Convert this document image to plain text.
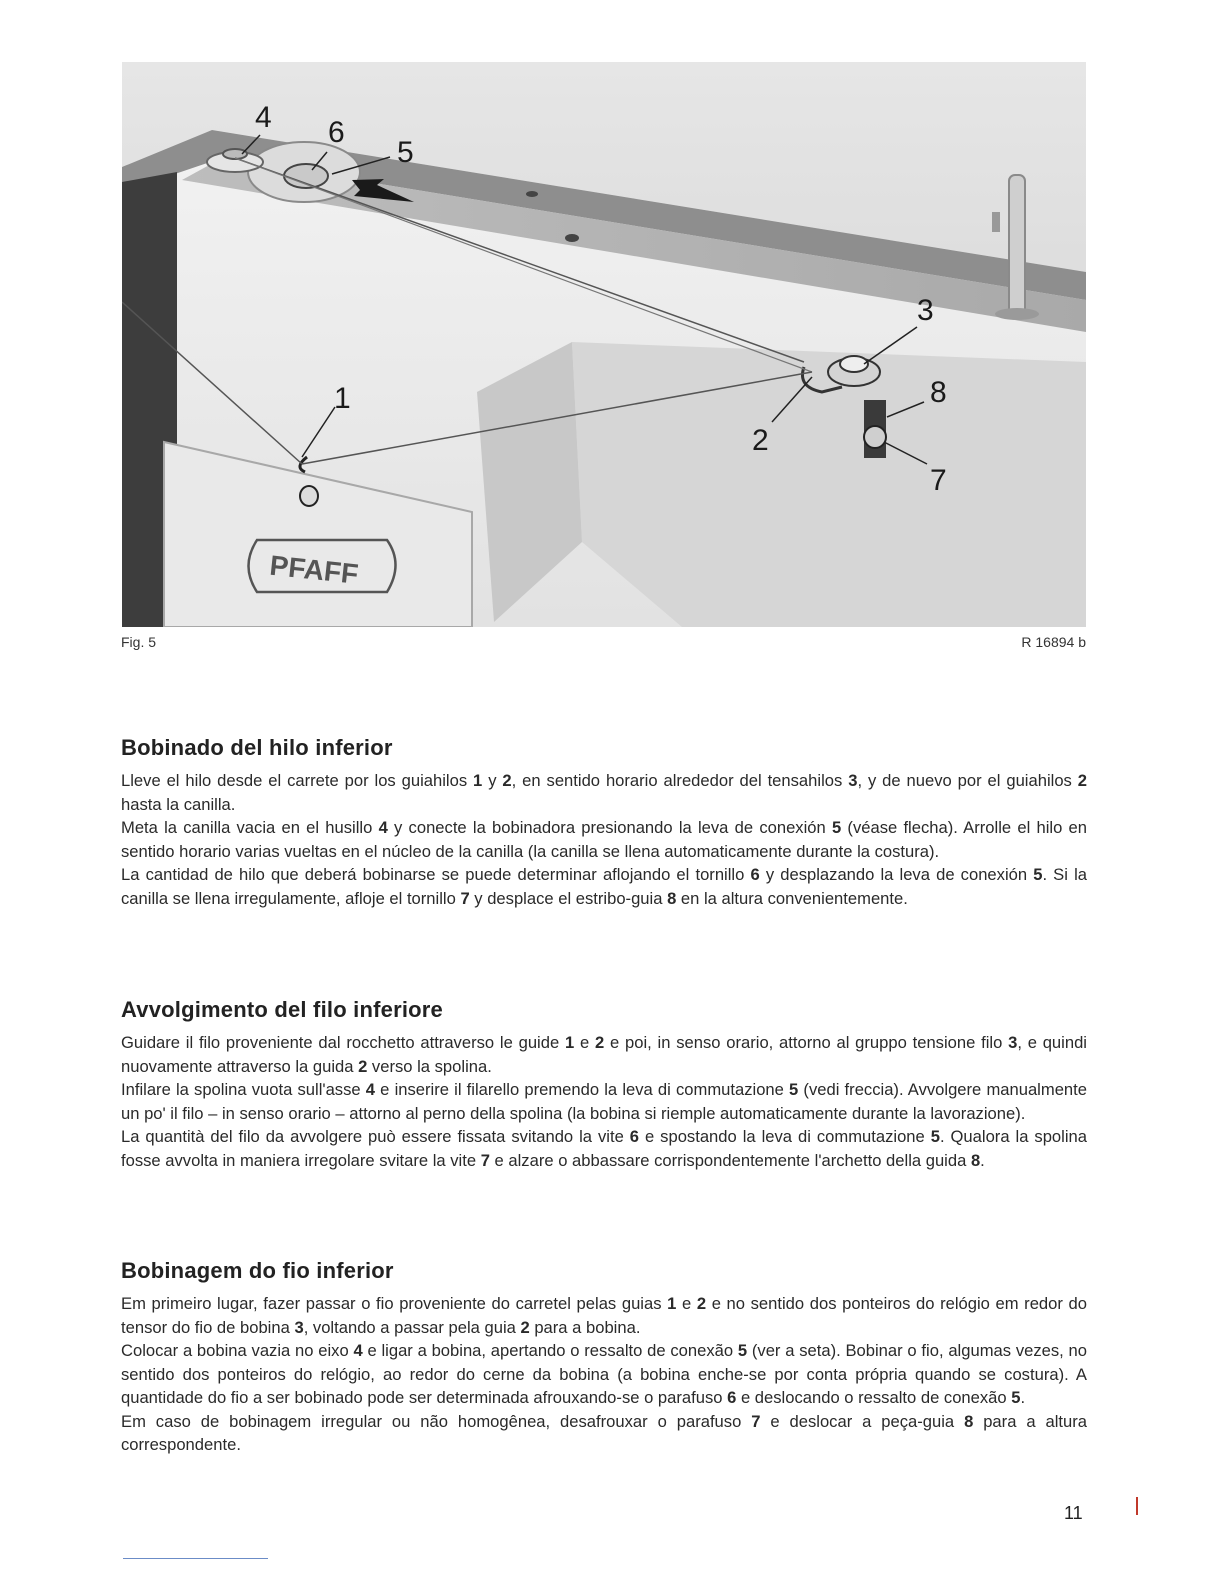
PFAFF
1
2
3
4
5
6
7
8
Fig. 5	R 16894 b
Bobinado del hilo inferior

Lleve el hilo desde el carrete por los guiahilos 1 y 2, en sentido horario alrededor del tensahilos 3, y de nuevo por el guiahilos 2 hasta la canilla.
Meta la canilla vacia en el husillo 4 y conecte la bobinadora presionando la leva de conexión 5 (véase flecha). Arrolle el hilo en sentido horario varias vueltas en el núcleo de la canilla (la canilla se llena automaticamente durante la costura).
La cantidad de hilo que deberá bobinarse se puede determinar aflojando el tornillo 6 y desplazando la leva de conexión 5. Si la canilla se llena irregulamente, afloje el tornillo 7 y desplace el estribo-guia 8 en la altura convenientemente.

Avvolgimento del filo inferiore

Guidare il filo proveniente dal rocchetto attraverso le guide 1 e 2 e poi, in senso orario, attorno al gruppo tensione filo 3, e quindi nuovamente attraverso la guida 2 verso la spolina.
Infilare la spolina vuota sull'asse 4 e inserire il filarello premendo la leva di commutazione 5 (vedi freccia). Avvolgere manualmente un po' il filo – in senso orario – attorno al perno della spolina (la bobina si riemple automaticamente durante la lavorazione).
La quantità del filo da avvolgere può essere fissata svitando la vite 6 e spostando la leva di commutazione 5. Qualora la spolina fosse avvolta in maniera irregolare svitare la vite 7 e alzare o abbassare corrispondentemente l'archetto della guida 8.

Bobinagem do fio inferior

Em primeiro lugar, fazer passar o fio proveniente do carretel pelas guias 1 e 2 e no sentido dos ponteiros do relógio em redor do tensor do fio de bobina 3, voltando a passar pela guia 2 para a bobina.
Colocar a bobina vazia no eixo 4 e ligar a bobina, apertando o ressalto de conexão 5 (ver a seta). Bobinar o fio, algumas vezes, no sentido dos ponteiros do relógio, ao redor do cerne da bobina (a bobina enche-se por conta própria quando se costura). A quantidade do fio a ser bobinado pode ser determinada afrouxando-se o parafuso 6 e deslocando o ressalto de conexão 5.
Em caso de bobinagem irregular ou não homogênea, desafrouxar o parafuso 7 e deslocar a peça-guia 8 para a altura correspondente.

11
